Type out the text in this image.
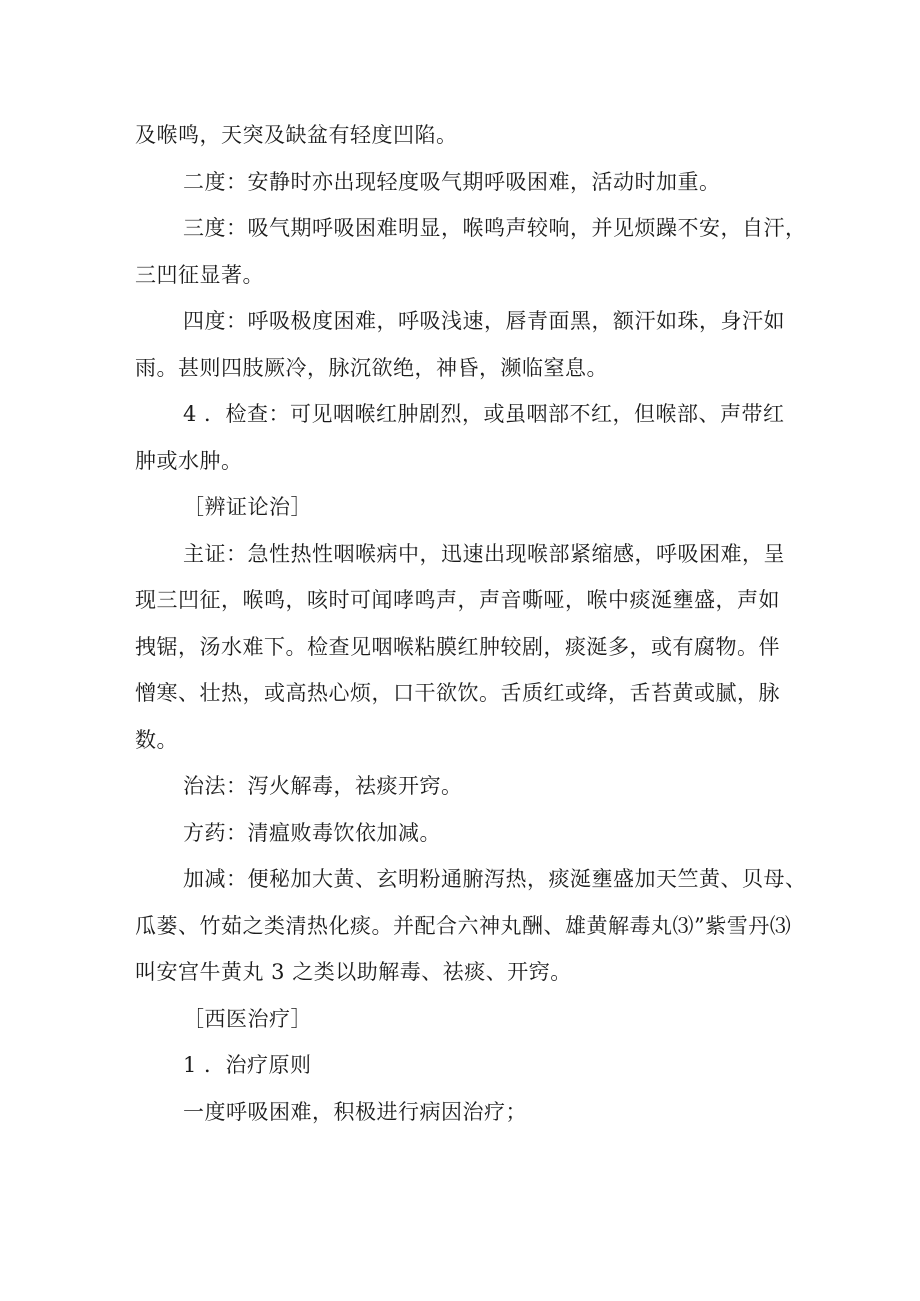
及喉鸣，天突及缺盆有轻度凹陷。
二度：安静时亦出现轻度吸气期呼吸困难，活动时加重。
三度：吸气期呼吸困难明显，喉鸣声较响，并见烦躁不安，自汗，
三凹征显著。
四度：呼吸极度困难，呼吸浅速，唇青面黑，额汗如珠，身汗如
雨。甚则四肢厥冷，脉沉欲绝，神昏，濒临窒息。
4 ．检查：可见咽喉红肿剧烈，或虽咽部不红，但喉部、声带红
肿或水肿。
［辨证论治］
主证：急性热性咽喉病中，迅速出现喉部紧缩感，呼吸困难，呈
现三凹征，喉鸣，咳时可闻哮鸣声，声音嘶哑，喉中痰涎壅盛，声如
拽锯，汤水难下。检查见咽喉粘膜红肿较剧，痰涎多，或有腐物。伴
憎寒、壮热，或高热心烦，口干欲饮。舌质红或绛，舌苔黄或腻，脉
数。
治法：泻火解毒，祛痰开窍。
方药：清瘟败毒饮依加减。
加减：便秘加大黄、玄明粉通腑泻热，痰涎壅盛加天竺黄、贝母、
瓜蒌、竹茹之类清热化痰。并配合六神丸酬、雄黄解毒丸⑶”紫雪丹⑶
叫安宫牛黄丸 3 之类以助解毒、祛痰、开窍。
［西医治疗］
1 ．治疗原则
一度呼吸困难，积极进行病因治疗；
